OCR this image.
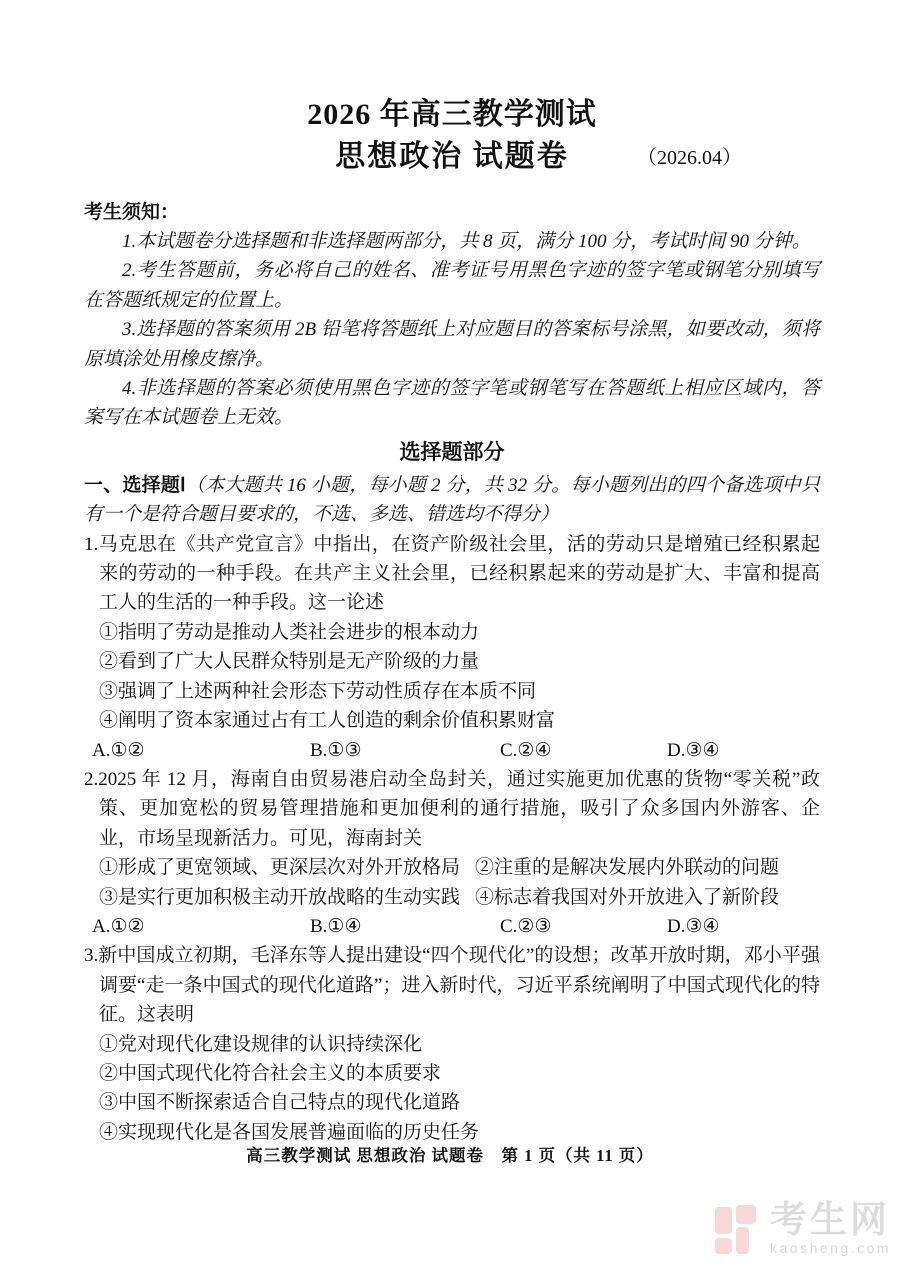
2026 年高三教学测试
思想政治 试题卷	（2026.04）
考生须知：

1.本试题卷分选择题和非选择题两部分，共 8 页，满分 100 分，考试时间 90 分钟。

2.考生答题前，务必将自己的姓名、准考证号用黑色字迹的签字笔或钢笔分别填写在答题纸规定的位置上。

3.选择题的答案须用 2B 铅笔将答题纸上对应题目的答案标号涂黑，如要改动，须将原填涂处用橡皮擦净。

4.非选择题的答案必须使用黑色字迹的签字笔或钢笔写在答题纸上相应区域内，答案写在本试题卷上无效。

选择题部分

一、选择题Ⅰ（本大题共 16 小题，每小题 2 分，共 32 分。每小题列出的四个备选项中只有一个是符合题目要求的，不选、多选、错选均不得分）

1.马克思在《共产党宣言》中指出，在资产阶级社会里，活的劳动只是增殖已经积累起来的劳动的一种手段。在共产主义社会里，已经积累起来的劳动是扩大、丰富和提高工人的生活的一种手段。这一论述

①指明了劳动是推动人类社会进步的根本动力

②看到了广大人民群众特别是无产阶级的力量

③强调了上述两种社会形态下劳动性质存在本质不同

④阐明了资本家通过占有工人创造的剩余价值积累财富

A.①②	B.①③	C.②④	D.③④

2.2025 年 12 月，海南自由贸易港启动全岛封关，通过实施更加优惠的货物“零关税”政策、更加宽松的贸易管理措施和更加便利的通行措施，吸引了众多国内外游客、企业，市场呈现新活力。可见，海南封关

①形成了更宽领域、更深层次对外开放格局 ②注重的是解决发展内外联动的问题
③是实行更加积极主动开放战略的生动实践 ④标志着我国对外开放进入了新阶段
A.①②	B.①④	C.②③	D.③④

3.新中国成立初期，毛泽东等人提出建设“四个现代化”的设想；改革开放时期，邓小平强调要“走一条中国式的现代化道路”；进入新时代，习近平系统阐明了中国式现代化的特征。这表明

①党对现代化建设规律的认识持续深化

②中国式现代化符合社会主义的本质要求

③中国不断探索适合自己特点的现代化道路

④实现现代化是各国发展普遍面临的历史任务

高三教学测试 思想政治 试题卷　第 1 页（共 11 页）
考生网
kaosheng.com
